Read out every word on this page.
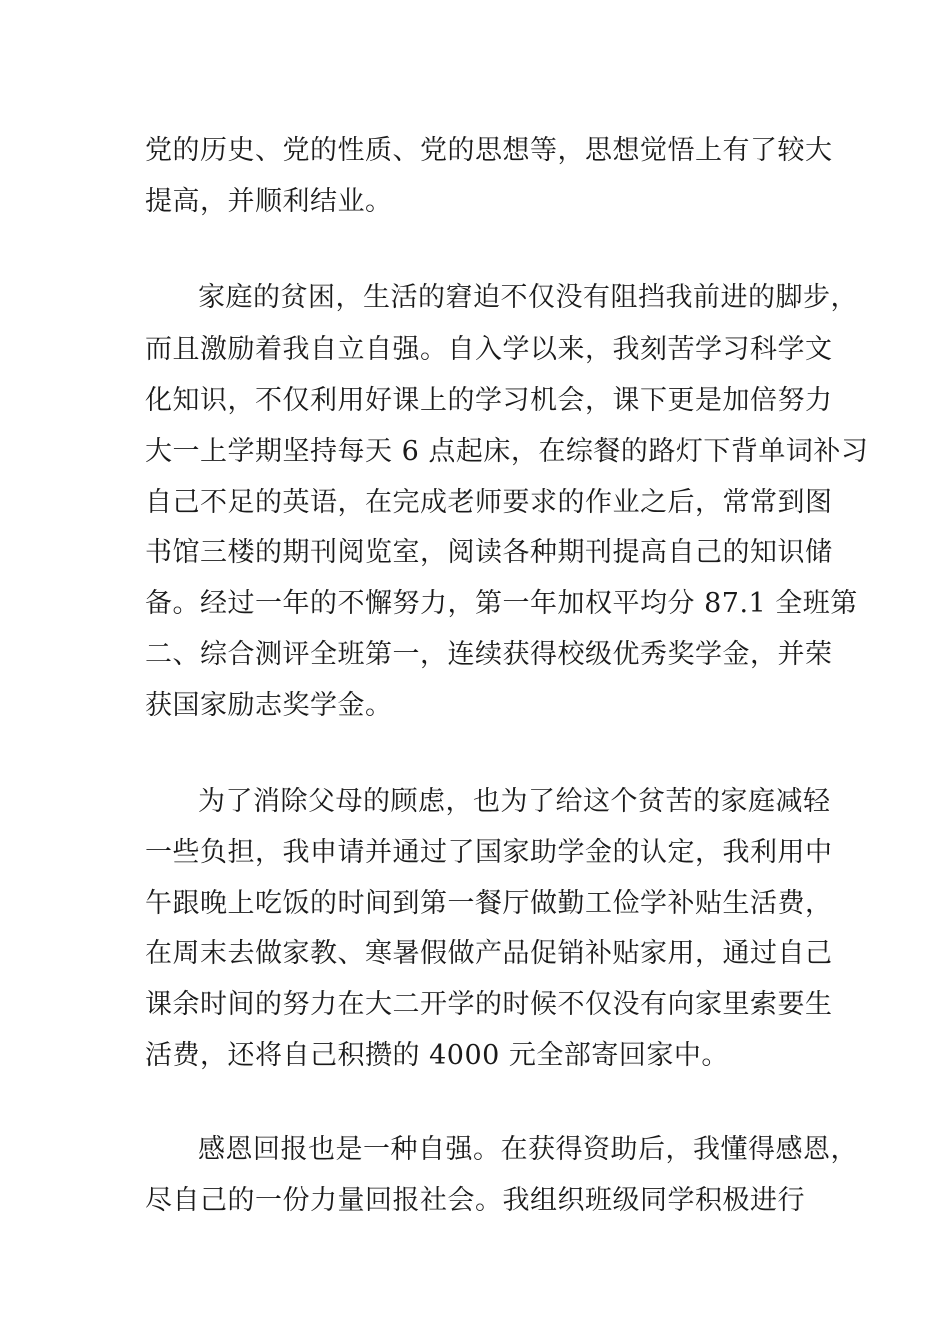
党的历史、党的性质、党的思想等，思想觉悟上有了较大
提高，并顺利结业。
家庭的贫困，生活的窘迫不仅没有阻挡我前进的脚步，
而且激励着我自立自强。自入学以来，我刻苦学习科学文
化知识，不仅利用好课上的学习机会，课下更是加倍努力
大一上学期坚持每天 6 点起床，在综餐的路灯下背单词补习
自己不足的英语，在完成老师要求的作业之后，常常到图
书馆三楼的期刊阅览室，阅读各种期刊提高自己的知识储
备。经过一年的不懈努力，第一年加权平均分 87.1 全班第
二、综合测评全班第一，连续获得校级优秀奖学金，并荣
获国家励志奖学金。
为了消除父母的顾虑，也为了给这个贫苦的家庭减轻
一些负担，我申请并通过了国家助学金的认定，我利用中
午跟晚上吃饭的时间到第一餐厅做勤工俭学补贴生活费，
在周末去做家教、寒暑假做产品促销补贴家用，通过自己
课余时间的努力在大二开学的时候不仅没有向家里索要生
活费，还将自己积攒的 4000 元全部寄回家中。
感恩回报也是一种自强。在获得资助后，我懂得感恩，
尽自己的一份力量回报社会。我组织班级同学积极进行
